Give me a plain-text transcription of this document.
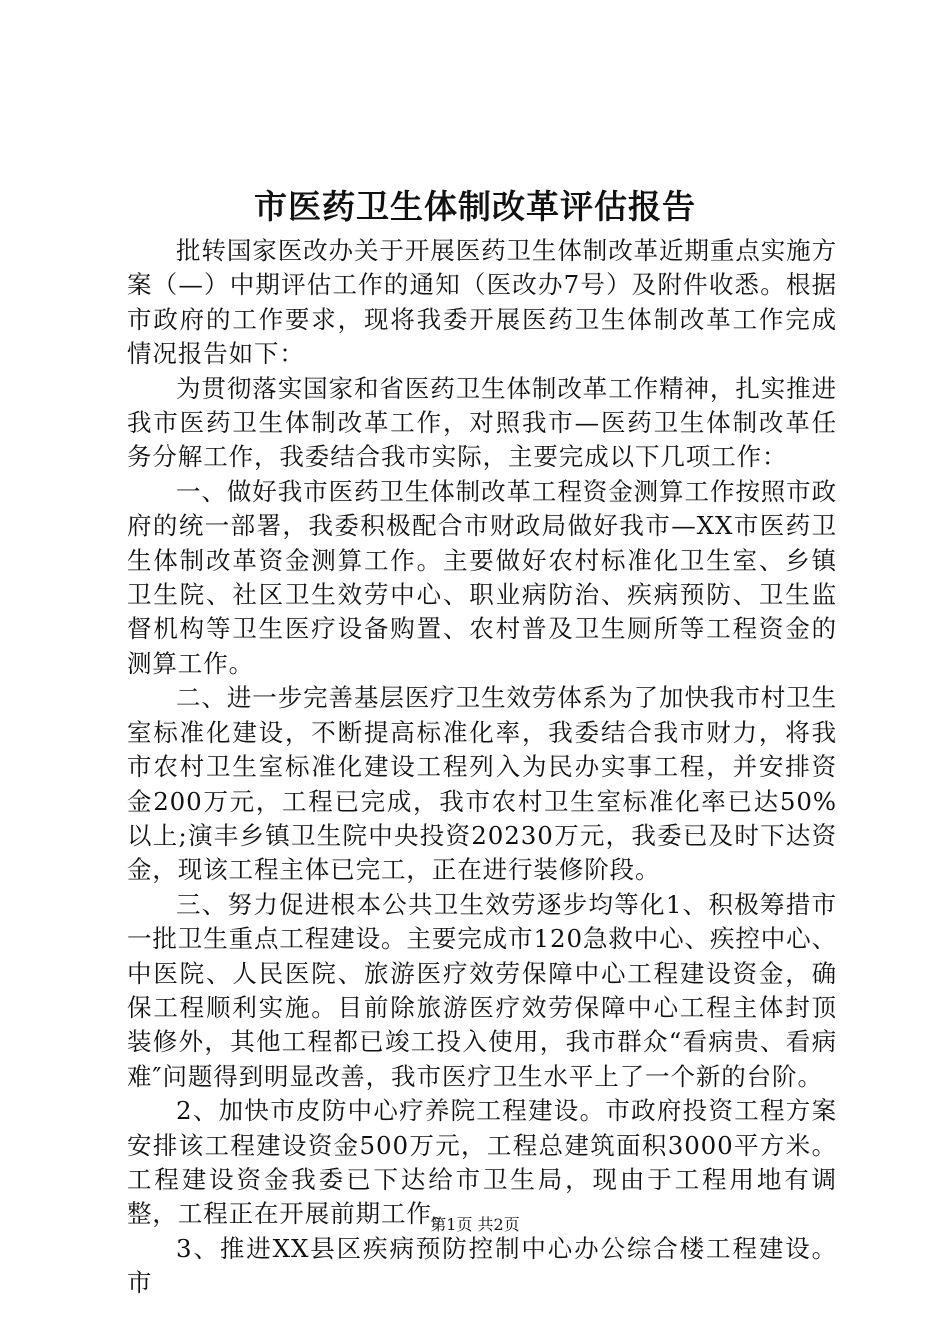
市医药卫生体制改革评估报告

批转国家医改办关于开展医药卫生体制改革近期重点实施方案（—）中期评估工作的通知（医改办7号）及附件收悉。根据市政府的工作要求，现将我委开展医药卫生体制改革工作完成情况报告如下：

为贯彻落实国家和省医药卫生体制改革工作精神，扎实推进我市医药卫生体制改革工作，对照我市—医药卫生体制改革任务分解工作，我委结合我市实际，主要完成以下几项工作：

一、做好我市医药卫生体制改革工程资金测算工作按照市政府的统一部署，我委积极配合市财政局做好我市—XX市医药卫生体制改革资金测算工作。主要做好农村标准化卫生室、乡镇卫生院、社区卫生效劳中心、职业病防治、疾病预防、卫生监督机构等卫生医疗设备购置、农村普及卫生厕所等工程资金的测算工作。

二、进一步完善基层医疗卫生效劳体系为了加快我市村卫生室标准化建设，不断提高标准化率，我委结合我市财力，将我市农村卫生室标准化建设工程列入为民办实事工程，并安排资金200万元，工程已完成，我市农村卫生室标准化率已达50%以上;演丰乡镇卫生院中央投资20230万元，我委已及时下达资金，现该工程主体已完工，正在进行装修阶段。

三、努力促进根本公共卫生效劳逐步均等化1、积极筹措市一批卫生重点工程建设。主要完成市120急救中心、疾控中心、中医院、人民医院、旅游医疗效劳保障中心工程建设资金，确保工程顺利实施。目前除旅游医疗效劳保障中心工程主体封顶装修外，其他工程都已竣工投入使用，我市群众“看病贵、看病难″问题得到明显改善，我市医疗卫生水平上了一个新的台阶。

2、加快市皮防中心疗养院工程建设。市政府投资工程方案安排该工程建设资金500万元，工程总建筑面积3000平方米。工程建设资金我委已下达给市卫生局，现由于工程用地有调整，工程正在开展前期工作。

3、推进XX县区疾病预防控制中心办公综合楼工程建设。市

第1页 共2页
